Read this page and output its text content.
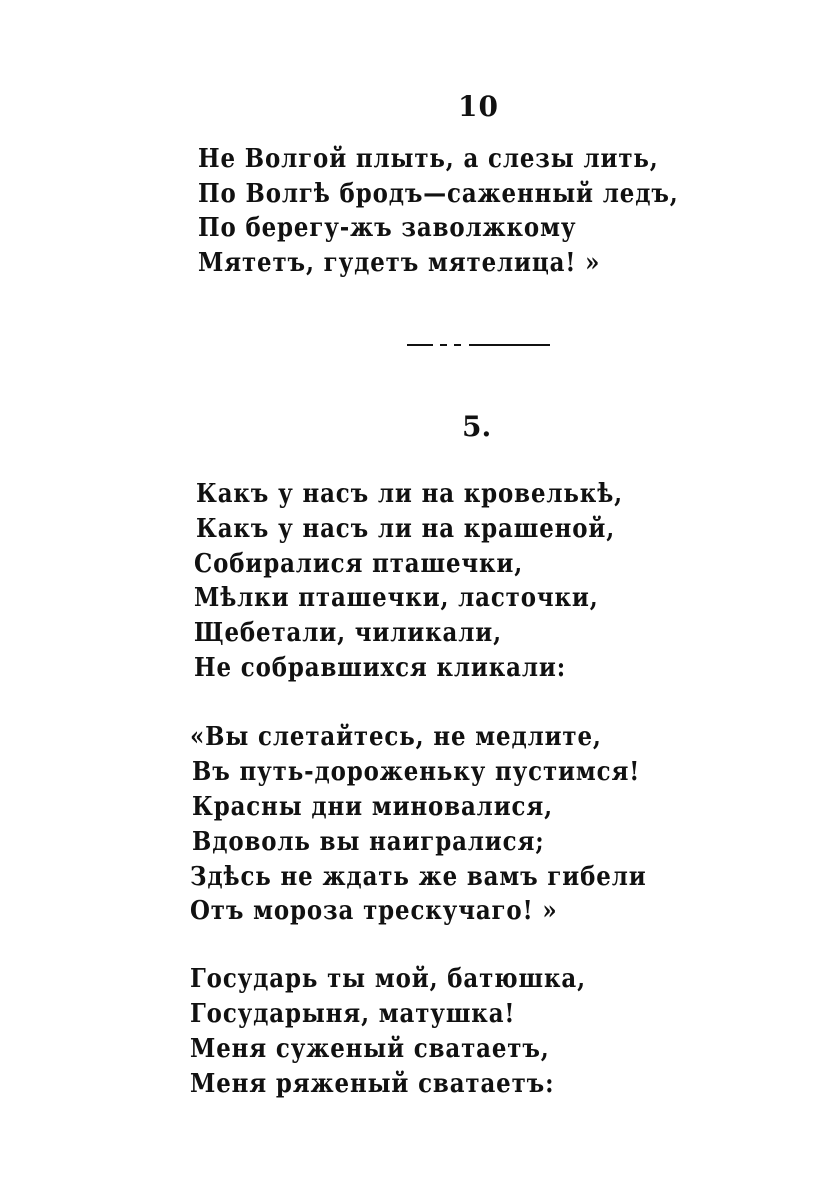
10
Не Волгой плыть, а слезы лить,
По Волгѣ бродъ—саженный ледъ,
По берегу-жъ заволжкому
Мятетъ, гудетъ мятелица! »
5.
Какъ у насъ ли на кровелькѣ,
Какъ у насъ ли на крашеной,
Собиралися пташечки,
Мѣлки пташечки, ласточки,
Щебетали, чиликали,
Не собравшихся кликали:
«Вы слетайтесь, не медлите,
Въ путь-дороженьку пустимся!
Красны дни миновалися,
Вдоволь вы наигралися;
Здѣсь не ждать же вамъ гибели
Отъ мороза трескучаго! »
Государь ты мой, батюшка,
Государыня, матушка!
Меня суженый сватаетъ,
Меня ряженый сватаетъ:
